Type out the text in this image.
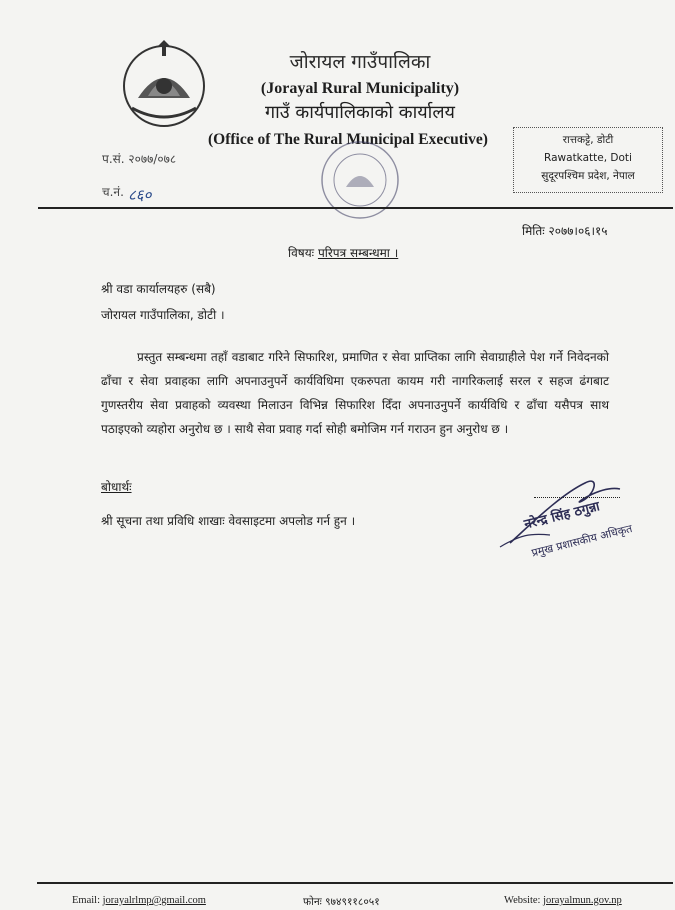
जोरायल गाउँपालिका
(Jorayal Rural Municipality)
गाउँ कार्यपालिकाको कार्यालय
(Office of The Rural Municipal Executive)	रात्तकट्टे, डोटी
Rawatkatte, Doti
सुदूरपश्चिम प्रदेश, नेपाल
प.सं. २०७७/०७८
च.नं. ८६०
मितिः २०७७।०६।१५
विषयः परिपत्र सम्बन्धमा ।
श्री वडा कार्यालयहरु (सबै)
जोरायल गाउँपालिका, डोटी ।
प्रस्तुत सम्बन्धमा तहाँ वडाबाट गरिने सिफारिश, प्रमाणित र सेवा प्राप्तिका लागि सेवाग्राहीले पेश गर्ने निवेदनको ढाँचा र सेवा प्रवाहका लागि अपनाउनुपर्ने कार्यविधिमा एकरुपता कायम गरी नागरिकलाई सरल र सहज ढंगबाट गुणस्तरीय सेवा प्रवाहको व्यवस्था मिलाउन विभिन्न सिफारिश दिँदा अपनाउनुपर्ने कार्यविधि र ढाँचा यसैपत्र साथ पठाइएको व्यहोरा अनुरोध छ । साथै सेवा प्रवाह गर्दा सोही बमोजिम गर्न गराउन हुन अनुरोध छ ।
बोधार्थः
श्री सूचना तथा प्रविधि शाखाः वेवसाइटमा अपलोड गर्न हुन ।	नरेन्द्र सिंह ठगुन्ना
प्रमुख प्रशासकीय अधिकृत
Email: jorayalrlmp@gmail.com	फोनः ९७४९११८०५१	Website: jorayalmun.gov.np
